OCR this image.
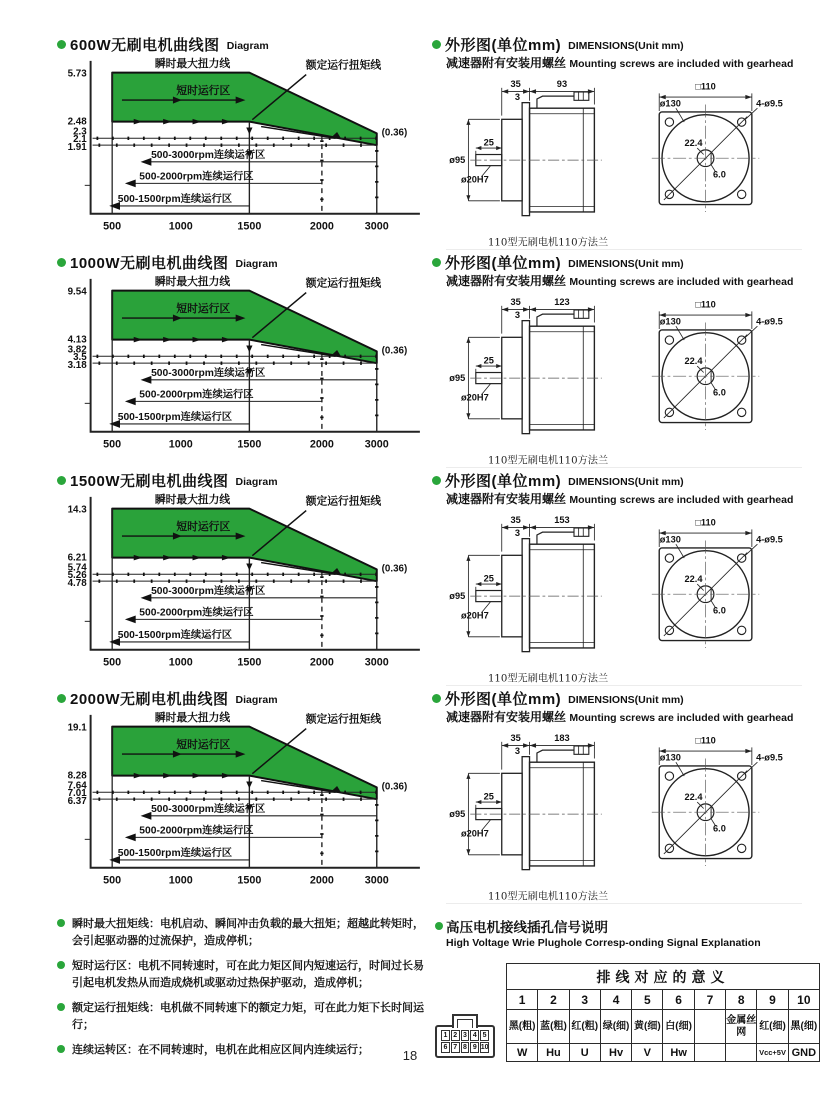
600W无刷电机曲线图 Diagram
瞬时最大扭力线
短时运行区
额定运行扭矩线
(0.36)
500-3000rpm连续运行区
500-2000rpm连续运行区
500-1500rpm连续运行区
5.73
2.48
2.3
2.1
1.91
500	1000	1500	2000	3000
外形图(单位mm) DIMENSIONS(Unit mm)
减速器附有安装用螺丝 Mounting screws are included with gearhead
35	93
3
25
ø95
ø20H7
□110
ø130	4-ø9.5
22.4
6.0
110型无刷电机110方法兰
1000W无刷电机曲线图 Diagram
瞬时最大扭力线
短时运行区
额定运行扭矩线
(0.36)
500-3000rpm连续运行区
500-2000rpm连续运行区
500-1500rpm连续运行区
9.54
4.13
3.82
3.5
3.18
500	1000	1500	2000	3000
外形图(单位mm) DIMENSIONS(Unit mm)
减速器附有安装用螺丝 Mounting screws are included with gearhead
35	123
3
25
ø95
ø20H7
□110
ø130	4-ø9.5
22.4
6.0
110型无刷电机110方法兰
1500W无刷电机曲线图 Diagram
瞬时最大扭力线
短时运行区
额定运行扭矩线
(0.36)
500-3000rpm连续运行区
500-2000rpm连续运行区
500-1500rpm连续运行区
14.3
6.21
5.74
5.26
4.78
500	1000	1500	2000	3000
外形图(单位mm) DIMENSIONS(Unit mm)
减速器附有安装用螺丝 Mounting screws are included with gearhead
35	153
3
25
ø95
ø20H7
□110
ø130	4-ø9.5
22.4
6.0
110型无刷电机110方法兰
2000W无刷电机曲线图 Diagram
瞬时最大扭力线
短时运行区
额定运行扭矩线
(0.36)
500-3000rpm连续运行区
500-2000rpm连续运行区
500-1500rpm连续运行区
19.1
8.28
7.64
7.01
6.37
500	1000	1500	2000	3000
外形图(单位mm) DIMENSIONS(Unit mm)
减速器附有安装用螺丝 Mounting screws are included with gearhead
35	183
3
25
ø95
ø20H7
□110
ø130	4-ø9.5
22.4
6.0
110型无刷电机110方法兰
瞬时最大扭矩线：电机启动、瞬间冲击负载的最大扭矩；超越此转矩时，会引起驱动器的过流保护，造成停机；
短时运行区：电机不同转速时，可在此力矩区间内短速运行，时间过长易引起电机发热从而造成烧机或驱动过热保护驱动，造成停机；
额定运行扭矩线：电机做不同转速下的额定力矩，可在此力矩下长时间运行；
连续运转区：在不同转速时，电机在此相应区间内连续运行；
高压电机接线插孔信号说明
High Voltage Wrie Plughole Corresp-onding Signal Explanation
1 2 3 4 5
6 7 8 9 10
排线对应的意义									
1	2	3	4	5	6	7	8	9	10
黑(粗)	蓝(粗)	红(粗)	绿(细)	黄(细)	白(细)		金属丝网	红(细)	黑(细)
W	Hu	U	Hv	V	Hw			Vcc+5V	GND
18
